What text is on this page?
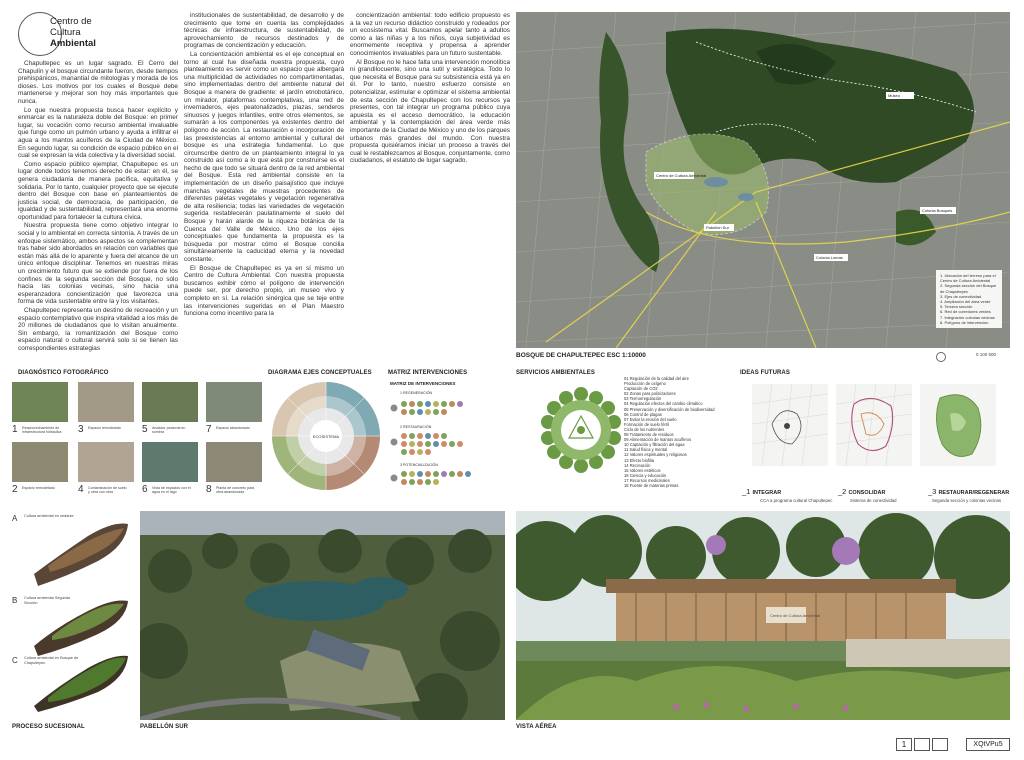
Centro de
Cultura
Ambiental

Chapultepec es un lugar sagrado. El Cerro del Chapulín y el bosque circundante fueron, desde tiempos prehispánicos, manantial de mitologías y morada de los dioses. Los motivos por los cuales el Bosque debe mantenerse y mejorar son hoy más importantes que nunca.

Lo que nuestra propuesta busca hacer explícito y enmarcar es la naturaleza doble del Bosque: en primer lugar, su vocación como recurso ambiental invaluable que funge como un pulmón urbano y ayuda a infiltrar el agua a los mantos acuíferos de la Ciudad de México. En segundo lugar, su condición de espacio público en el cual se expresan la vida colectiva y la diversidad social.

Como espacio público ejemplar, Chapultepec es un lugar donde todos tenemos derecho de estar: en él, se genera ciudadanía de manera pacífica, equitativa y solidaria. Por lo tanto, cualquier proyecto que se ejecute dentro del Bosque con base en planteamientos de justicia social, de democracia, de participación, de igualdad y de sustentabilidad, representará una enorme oportunidad para fortalecer la cultura cívica.

Nuestra propuesta tiene como objetivo integrar lo social y lo ambiental en correcta sintonía. A través de un enfoque sistemático, ambos aspectos se complementan tras haber sido abordados en relación con variables que están más allá de lo aparente y fuera del alcance de un único enfoque disciplinar. Tenemos en nuestras miras un crecimiento futuro que se extiende por fuera de los confines de la segunda sección del Bosque, no sólo hacia las colonias vecinas, sino hacia una esperanzadora concientización que favorezca una forma de vida sustentable entre la y los visitantes.

Chapultepec representa un destino de recreación y un espacio contemplativo que inspira vitalidad a los más de 20 millones de ciudadanos que lo visitan anualmente. Sin embargo, la romantización del Bosque como espacio natural o cultural servirá solo si se tienen las correspondientes estrategias

institucionales de sustentabilidad, de desarrollo y de crecimiento que tome en cuenta las complejidades técnicas de infraestructura, de sustentabilidad, de aprovechamiento de recursos destinados y de programas de concientización y educación.

La concientización ambiental es el eje conceptual en torno al cual fue diseñada nuestra propuesta, cuyo planteamiento es servir como un espacio que albergará una multiplicidad de actividades no compartimentadas, sino implementadas dentro del ambiente natural del Bosque a manera de gradiente: el jardín etnobotánico, un mirador, plataformas contemplativas, una red de invernaderos, ejes peatonalizados, plazas, senderos sinuosos y juegos infantiles, entre otros elementos, se sumarán a los componentes ya existentes dentro del polígono de acción. La restauración e incorporación de las preexistencias al entorno ambiental y cultural del bosque es una estrategia fundamental. Lo que circunscribe dentro de un planteamiento integral lo ya construido así como a lo que está por construirse es el hecho de que todo se situará dentro de la red ambiental del Bosque. Esta red ambiental consiste en la implementación de un diseño paisajístico que incluye manchas vegetales de muestras procedentes de diferentes paletas vegetales y vegetación regenerativa de alta resiliencia; todas las variedades de vegetación sugerida restablecerán paulatinamente el suelo del Bosque y harán alarde de la riqueza botánica de la Cuenca del Valle de México. Uno de los ejes conceptuales que fundamenta la propuesta es la búsqueda por mostrar cómo el Bosque concilia simultáneamente la caducidad eterna y la novedad constante.

El Bosque de Chapultepec es ya en sí mismo un Centro de Cultura Ambiental. Con nuestra propuesta buscamos exhibir cómo el polígono de intervención puede ser, por derecho propio, un museo vivo y completo en sí. La relación sinérgica que se teje entre las intervenciones sugeridas en el Plan Maestro funciona como incentivo para la

concientización ambiental: todo edificio propuesto es a la vez un recurso didáctico construido y rodeados por un ecosistema vital. Buscamos apelar tanto a adultos como a las niñas y a los niños, cuya subjetividad es enormemente receptiva y propensa a aprender conocimientos invaluables para un futuro sustentable.

Al Bosque no le hace falta una intervención monolítica ni grandilocuente, sino una sutil y estratégica. Todo lo que necesita el Bosque para su subsistencia está ya en él. Por lo tanto, nuestro esfuerzo consiste en potencializar, estimular e optimizar el sistema ambiental de esta sección de Chapultepec con los recursos ya presentes, con tal integrar un programa público cuya apuesta es el acceso democrático, la educación ambiental y la contemplación del área verde más importante de la Ciudad de México y uno de los parques urbanos más grandes del mundo. Con nuestra propuesta quisiéramos iniciar un proceso a través del cual le restablezcamos al Bosque, conjuntamente, como ciudadanos, el estatuto de lugar sagrado.

Museo
Centro de Cultura Ambiental
Pabellón Sur
Colonia Bosques
Colonia Lomas
1. Ubicación del terreno para el Centro de Cultura Ambiental
2. Segunda sección del Bosque de Chapultepec
3. Ejes de conectividad
4. Ampliación del área verde
5. Tercera sección
6. Red de corredores verdes
7. Integración colonias vecinas
8. Polígono de intervención
BOSQUE DE CHAPULTEPEC ESC 1:10000	0 100 500
DIAGNÓSTICO FOTOGRÁFICO	DIAGRAMA EJES CONCEPTUALES	MATRIZ INTERVENCIONES	SERVICIOS AMBIENTALES	IDEAS FUTURAS
1 Reaprovechamiento de infraestructura hidráulica 3 Espacio remodelado	5 Andador peatonal en sombra	7 Espacio abandonado
2 Espacio remodelado	4 Contaminación de suelo y obra con obra	6 Vista de espacios con el agua en el lago	8 Planta de concreto para obra abandonada
ECOSISTEMA
MATRIZ DE INTERVENCIONES
1 REGENERACIÓN
2 RESTAURACIÓN
3 POTENCIALIZACIÓN
01 Regulación de la calidad del aire
Producción de oxígeno
Captación de CO2
02 Zonas para polinizadores
03 Termorregulación
04 Regulación efectos del cambio climático
05 Preservación y diversificación de biodiversidad
06 Control de plagas
07 Evitar la erosión del suelo
Formación de suelo fértil
Ciclo de los nutrientes
08 Tratamiento de residuos
09 Alimentación de mantos acuíferos
10 Captación y filtración del agua
11 Salud física y mental
12 Valores espirituales y religiosos
13 Efecto biofilia
14 Recreación
15 Valores estéticos
16 Ciencia y educación
17 Recursos medicinales
18 Fuente de materias primas
_1 INTEGRAR
CCA a programa cultural Chapultepec
_2 CONSOLIDAR
Sistema de conectividad
_3 RESTAURAR/REGENERAR
Segunda sección y colonias vecinas
A Cultura ambiental en sedante
B Cultura ambiental Segunda Sección
C Cultura ambiental en Bosque de Chapultepec
Centro de Cultura Ambiental
PROCESO SUCESIONAL	PABELLÓN SUR	VISTA AÉREA
1	XQtVPu5
